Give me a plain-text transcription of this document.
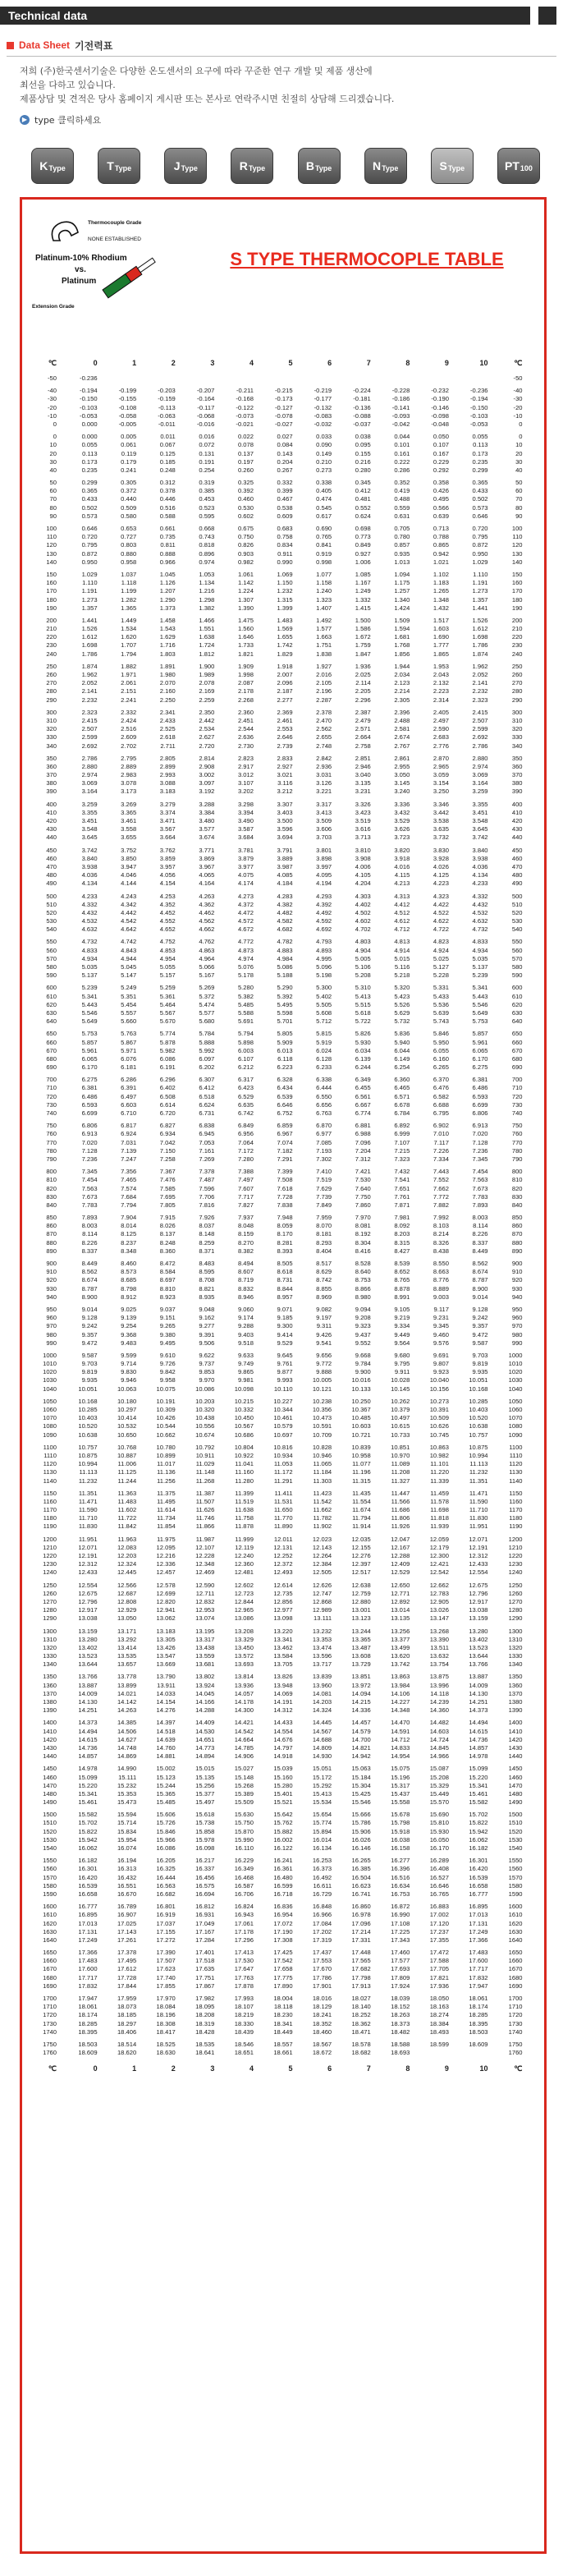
Technical data
Data Sheet 기전력표
저희 (주)한국센서기술은 다양한 온도센서의 요구에 따라 꾸준한 연구 개발 및 제품 생산에
최선을 다하고 있습니다.
제품상담 및 견적은 당사 홈페이지 게시판 또는 본사로 연락주시면 친절히 상담해 드리겠습니다.
▶ type 클릭하세요
K Type	T Type	J Type	R Type	B Type	N Type	S Type	PT 100
Thermocouple Grade
NONE ESTABLISHED
Platinum-10% Rhodium
vs.
Platinum
Extension Grade
S TYPE THERMOCOPLE TABLE
℃	0	1	2	3	4	5	6	7	8	9	10	℃
-50	-0.236	-50
-40	-0.194	-0.199	-0.203	-0.207	-0.211	-0.215	-0.219	-0.224	-0.228	-0.232	-0.236	-40
-30	-0.150	-0.155	-0.159	-0.164	-0.168	-0.173	-0.177	-0.181	-0.186	-0.190	-0.194	-30
-20	-0.103	-0.108	-0.113	-0.117	-0.122	-0.127	-0.132	-0.136	-0.141	-0.146	-0.150	-20
-10	-0.053	-0.058	-0.063	-0.068	-0.073	-0.078	-0.083	-0.088	-0.093	-0.098	-0.103	-10
0	0.000	-0.005	-0.011	-0.016	-0.021	-0.027	-0.032	-0.037	-0.042	-0.048	-0.053	0
0	0.000	0.005	0.011	0.016	0.022	0.027	0.033	0.038	0.044	0.050	0.055	0
10	0.055	0.061	0.067	0.072	0.078	0.084	0.090	0.095	0.101	0.107	0.113	10
20	0.113	0.119	0.125	0.131	0.137	0.143	0.149	0.155	0.161	0.167	0.173	20
30	0.173	0.179	0.185	0.191	0.197	0.204	0.210	0.216	0.222	0.229	0.235	30
40	0.235	0.241	0.248	0.254	0.260	0.267	0.273	0.280	0.286	0.292	0.299	40
50	0.299	0.305	0.312	0.319	0.325	0.332	0.338	0.345	0.352	0.358	0.365	50
60	0.365	0.372	0.378	0.385	0.392	0.399	0.405	0.412	0.419	0.426	0.433	60
70	0.433	0.440	0.446	0.453	0.460	0.467	0.474	0.481	0.488	0.495	0.502	70
80	0.502	0.509	0.516	0.523	0.530	0.538	0.545	0.552	0.559	0.566	0.573	80
90	0.573	0.580	0.588	0.595	0.602	0.609	0.617	0.624	0.631	0.639	0.646	90
100	0.646	0.653	0.661	0.668	0.675	0.683	0.690	0.698	0.705	0.713	0.720	100
110	0.720	0.727	0.735	0.743	0.750	0.758	0.765	0.773	0.780	0.788	0.795	110
120	0.795	0.803	0.811	0.818	0.826	0.834	0.841	0.849	0.857	0.865	0.872	120
130	0.872	0.880	0.888	0.896	0.903	0.911	0.919	0.927	0.935	0.942	0.950	130
140	0.950	0.958	0.966	0.974	0.982	0.990	0.998	1.006	1.013	1.021	1.029	140
150	1.029	1.037	1.045	1.053	1.061	1.069	1.077	1.085	1.094	1.102	1.110	150
160	1.110	1.118	1.126	1.134	1.142	1.150	1.158	1.167	1.175	1.183	1.191	160
170	1.191	1.199	1.207	1.216	1.224	1.232	1.240	1.249	1.257	1.265	1.273	170
180	1.273	1.282	1.290	1.298	1.307	1.315	1.323	1.332	1.340	1.348	1.357	180
190	1.357	1.365	1.373	1.382	1.390	1.399	1.407	1.415	1.424	1.432	1.441	190
200	1.441	1.449	1.458	1.466	1.475	1.483	1.492	1.500	1.509	1.517	1.526	200
210	1.526	1.534	1.543	1.551	1.560	1.569	1.577	1.586	1.594	1.603	1.612	210
220	1.612	1.620	1.629	1.638	1.646	1.655	1.663	1.672	1.681	1.690	1.698	220
230	1.698	1.707	1.716	1.724	1.733	1.742	1.751	1.759	1.768	1.777	1.786	230
240	1.786	1.794	1.803	1.812	1.821	1.829	1.838	1.847	1.856	1.865	1.874	240
250	1.874	1.882	1.891	1.900	1.909	1.918	1.927	1.936	1.944	1.953	1.962	250
260	1.962	1.971	1.980	1.989	1.998	2.007	2.016	2.025	2.034	2.043	2.052	260
270	2.052	2.061	2.070	2.078	2.087	2.096	2.105	2.114	2.123	2.132	2.141	270
280	2.141	2.151	2.160	2.169	2.178	2.187	2.196	2.205	2.214	2.223	2.232	280
290	2.232	2.241	2.250	2.259	2.268	2.277	2.287	2.296	2.305	2.314	2.323	290
300	2.323	2.332	2.341	2.350	2.360	2.369	2.378	2.387	2.396	2.405	2.415	300
310	2.415	2.424	2.433	2.442	2.451	2.461	2.470	2.479	2.488	2.497	2.507	310
320	2.507	2.516	2.525	2.534	2.544	2.553	2.562	2.571	2.581	2.590	2.599	320
330	2.599	2.609	2.618	2.627	2.636	2.646	2.655	2.664	2.674	2.683	2.692	330
340	2.692	2.702	2.711	2.720	2.730	2.739	2.748	2.758	2.767	2.776	2.786	340
350	2.786	2.795	2.805	2.814	2.823	2.833	2.842	2.851	2.861	2.870	2.880	350
360	2.880	2.889	2.899	2.908	2.917	2.927	2.936	2.946	2.955	2.965	2.974	360
370	2.974	2.983	2.993	3.002	3.012	3.021	3.031	3.040	3.050	3.059	3.069	370
380	3.069	3.078	3.088	3.097	3.107	3.116	3.126	3.135	3.145	3.154	3.164	380
390	3.164	3.173	3.183	3.192	3.202	3.212	3.221	3.231	3.240	3.250	3.259	390
400	3.259	3.269	3.279	3.288	3.298	3.307	3.317	3.326	3.336	3.346	3.355	400
410	3.355	3.365	3.374	3.384	3.394	3.403	3.413	3.423	3.432	3.442	3.451	410
420	3.451	3.461	3.471	3.480	3.490	3.500	3.509	3.519	3.529	3.538	3.548	420
430	3.548	3.558	3.567	3.577	3.587	3.596	3.606	3.616	3.626	3.635	3.645	430
440	3.645	3.655	3.664	3.674	3.684	3.694	3.703	3.713	3.723	3.732	3.742	440
450	3.742	3.752	3.762	3.771	3.781	3.791	3.801	3.810	3.820	3.830	3.840	450
460	3.840	3.850	3.859	3.869	3.879	3.889	3.898	3.908	3.918	3.928	3.938	460
470	3.938	3.947	3.957	3.967	3.977	3.987	3.997	4.006	4.016	4.026	4.036	470
480	4.036	4.046	4.056	4.065	4.075	4.085	4.095	4.105	4.115	4.125	4.134	480
490	4.134	4.144	4.154	4.164	4.174	4.184	4.194	4.204	4.213	4.223	4.233	490
500	4.233	4.243	4.253	4.263	4.273	4.283	4.293	4.303	4.313	4.323	4.332	500
510	4.332	4.342	4.352	4.362	4.372	4.382	4.392	4.402	4.412	4.422	4.432	510
520	4.432	4.442	4.452	4.462	4.472	4.482	4.492	4.502	4.512	4.522	4.532	520
530	4.532	4.542	4.552	4.562	4.572	4.582	4.592	4.602	4.612	4.622	4.632	530
540	4.632	4.642	4.652	4.662	4.672	4.682	4.692	4.702	4.712	4.722	4.732	540
550	4.732	4.742	4.752	4.762	4.772	4.782	4.793	4.803	4.813	4.823	4.833	550
560	4.833	4.843	4.853	4.863	4.873	4.883	4.893	4.904	4.914	4.924	4.934	560
570	4.934	4.944	4.954	4.964	4.974	4.984	4.995	5.005	5.015	5.025	5.035	570
580	5.035	5.045	5.055	5.066	5.076	5.086	5.096	5.106	5.116	5.127	5.137	580
590	5.137	5.147	5.157	5.167	5.178	5.188	5.198	5.208	5.218	5.228	5.239	590
600	5.239	5.249	5.259	5.269	5.280	5.290	5.300	5.310	5.320	5.331	5.341	600
610	5.341	5.351	5.361	5.372	5.382	5.392	5.402	5.413	5.423	5.433	5.443	610
620	5.443	5.454	5.464	5.474	5.485	5.495	5.505	5.515	5.526	5.536	5.546	620
630	5.546	5.557	5.567	5.577	5.588	5.598	5.608	5.618	5.629	5.639	5.649	630
640	5.649	5.660	5.670	5.680	5.691	5.701	5.712	5.722	5.732	5.743	5.753	640
650	5.753	5.763	5.774	5.784	5.794	5.805	5.815	5.826	5.836	5.846	5.857	650
660	5.857	5.867	5.878	5.888	5.898	5.909	5.919	5.930	5.940	5.950	5.961	660
670	5.961	5.971	5.982	5.992	6.003	6.013	6.024	6.034	6.044	6.055	6.065	670
680	6.065	6.076	6.086	6.097	6.107	6.118	6.128	6.139	6.149	6.160	6.170	680
690	6.170	6.181	6.191	6.202	6.212	6.223	6.233	6.244	6.254	6.265	6.275	690
700	6.275	6.286	6.296	6.307	6.317	6.328	6.338	6.349	6.360	6.370	6.381	700
710	6.381	6.391	6.402	6.412	6.423	6.434	6.444	6.455	6.465	6.476	6.486	710
720	6.486	6.497	6.508	6.518	6.529	6.539	6.550	6.561	6.571	6.582	6.593	720
730	6.593	6.603	6.614	6.624	6.635	6.646	6.656	6.667	6.678	6.688	6.699	730
740	6.699	6.710	6.720	6.731	6.742	6.752	6.763	6.774	6.784	6.795	6.806	740
750	6.806	6.817	6.827	6.838	6.849	6.859	6.870	6.881	6.892	6.902	6.913	750
760	6.913	6.924	6.934	6.945	6.956	6.967	6.977	6.988	6.999	7.010	7.020	760
770	7.020	7.031	7.042	7.053	7.064	7.074	7.085	7.096	7.107	7.117	7.128	770
780	7.128	7.139	7.150	7.161	7.172	7.182	7.193	7.204	7.215	7.226	7.236	780
790	7.236	7.247	7.258	7.269	7.280	7.291	7.302	7.312	7.323	7.334	7.345	790
800	7.345	7.356	7.367	7.378	7.388	7.399	7.410	7.421	7.432	7.443	7.454	800
810	7.454	7.465	7.476	7.487	7.497	7.508	7.519	7.530	7.541	7.552	7.563	810
820	7.563	7.574	7.585	7.596	7.607	7.618	7.629	7.640	7.651	7.662	7.673	820
830	7.673	7.684	7.695	7.706	7.717	7.728	7.739	7.750	7.761	7.772	7.783	830
840	7.783	7.794	7.805	7.816	7.827	7.838	7.849	7.860	7.871	7.882	7.893	840
850	7.893	7.904	7.915	7.926	7.937	7.948	7.959	7.970	7.981	7.992	8.003	850
860	8.003	8.014	8.026	8.037	8.048	8.059	8.070	8.081	8.092	8.103	8.114	860
870	8.114	8.125	8.137	8.148	8.159	8.170	8.181	8.192	8.203	8.214	8.226	870
880	8.226	8.237	8.248	8.259	8.270	8.281	8.293	8.304	8.315	8.326	8.337	880
890	8.337	8.348	8.360	8.371	8.382	8.393	8.404	8.416	8.427	8.438	8.449	890
900	8.449	8.460	8.472	8.483	8.494	8.505	8.517	8.528	8.539	8.550	8.562	900
910	8.562	8.573	8.584	8.595	8.607	8.618	8.629	8.640	8.652	8.663	8.674	910
920	8.674	8.685	8.697	8.708	8.719	8.731	8.742	8.753	8.765	8.776	8.787	920
930	8.787	8.798	8.810	8.821	8.832	8.844	8.855	8.866	8.878	8.889	8.900	930
940	8.900	8.912	8.923	8.935	8.946	8.957	8.969	8.980	8.991	9.003	9.014	940
950	9.014	9.025	9.037	9.048	9.060	9.071	9.082	9.094	9.105	9.117	9.128	950
960	9.128	9.139	9.151	9.162	9.174	9.185	9.197	9.208	9.219	9.231	9.242	960
970	9.242	9.254	9.265	9.277	9.288	9.300	9.311	9.323	9.334	9.345	9.357	970
980	9.357	9.368	9.380	9.391	9.403	9.414	9.426	9.437	9.449	9.460	9.472	980
990	9.472	9.483	9.495	9.506	9.518	9.529	9.541	9.552	9.564	9.576	9.587	990
1000	9.587	9.599	9.610	9.622	9.633	9.645	9.656	9.668	9.680	9.691	9.703	1000
1010	9.703	9.714	9.726	9.737	9.749	9.761	9.772	9.784	9.795	9.807	9.819	1010
1020	9.819	9.830	9.842	9.853	9.865	9.877	9.888	9.900	9.911	9.923	9.935	1020
1030	9.935	9.946	9.958	9.970	9.981	9.993	10.005	10.016	10.028	10.040	10.051	1030
1040	10.051	10.063	10.075	10.086	10.098	10.110	10.121	10.133	10.145	10.156	10.168	1040
1050	10.168	10.180	10.191	10.203	10.215	10.227	10.238	10.250	10.262	10.273	10.285	1050
1060	10.285	10.297	10.309	10.320	10.332	10.344	10.356	10.367	10.379	10.391	10.403	1060
1070	10.403	10.414	10.426	10.438	10.450	10.461	10.473	10.485	10.497	10.509	10.520	1070
1080	10.520	10.532	10.544	10.556	10.567	10.579	10.591	10.603	10.615	10.626	10.638	1080
1090	10.638	10.650	10.662	10.674	10.686	10.697	10.709	10.721	10.733	10.745	10.757	1090
1100	10.757	10.768	10.780	10.792	10.804	10.816	10.828	10.839	10.851	10.863	10.875	1100
1110	10.875	10.887	10.899	10.911	10.922	10.934	10.946	10.958	10.970	10.982	10.994	1110
1120	10.994	11.006	11.017	11.029	11.041	11.053	11.065	11.077	11.089	11.101	11.113	1120
1130	11.113	11.125	11.136	11.148	11.160	11.172	11.184	11.196	11.208	11.220	11.232	1130
1140	11.232	11.244	11.256	11.268	11.280	11.291	11.303	11.315	11.327	11.339	11.351	1140
1150	11.351	11.363	11.375	11.387	11.399	11.411	11.423	11.435	11.447	11.459	11.471	1150
1160	11.471	11.483	11.495	11.507	11.519	11.531	11.542	11.554	11.566	11.578	11.590	1160
1170	11.590	11.602	11.614	11.626	11.638	11.650	11.662	11.674	11.686	11.698	11.710	1170
1180	11.710	11.722	11.734	11.746	11.758	11.770	11.782	11.794	11.806	11.818	11.830	1180
1190	11.830	11.842	11.854	11.866	11.878	11.890	11.902	11.914	11.926	11.939	11.951	1190
1200	11.951	11.963	11.975	11.987	11.999	12.011	12.023	12.035	12.047	12.059	12.071	1200
1210	12.071	12.083	12.095	12.107	12.119	12.131	12.143	12.155	12.167	12.179	12.191	1210
1220	12.191	12.203	12.216	12.228	12.240	12.252	12.264	12.276	12.288	12.300	12.312	1220
1230	12.312	12.324	12.336	12.348	12.360	12.372	12.384	12.397	12.409	12.421	12.433	1230
1240	12.433	12.445	12.457	12.469	12.481	12.493	12.505	12.517	12.529	12.542	12.554	1240
1250	12.554	12.566	12.578	12.590	12.602	12.614	12.626	12.638	12.650	12.662	12.675	1250
1260	12.675	12.687	12.699	12.711	12.723	12.735	12.747	12.759	12.771	12.783	12.796	1260
1270	12.796	12.808	12.820	12.832	12.844	12.856	12.868	12.880	12.892	12.905	12.917	1270
1280	12.917	12.929	12.941	12.953	12.965	12.977	12.989	13.001	13.014	13.026	13.038	1280
1290	13.038	13.050	13.062	13.074	13.086	13.098	13.111	13.123	13.135	13.147	13.159	1290
1300	13.159	13.171	13.183	13.195	13.208	13.220	13.232	13.244	13.256	13.268	13.280	1300
1310	13.280	13.292	13.305	13.317	13.329	13.341	13.353	13.365	13.377	13.390	13.402	1310
1320	13.402	13.414	13.426	13.438	13.450	13.462	13.474	13.487	13.499	13.511	13.523	1320
1330	13.523	13.535	13.547	13.559	13.572	13.584	13.596	13.608	13.620	13.632	13.644	1330
1340	13.644	13.657	13.669	13.681	13.693	13.705	13.717	13.729	13.742	13.754	13.766	1340
1350	13.766	13.778	13.790	13.802	13.814	13.826	13.839	13.851	13.863	13.875	13.887	1350
1360	13.887	13.899	13.911	13.924	13.936	13.948	13.960	13.972	13.984	13.996	14.009	1360
1370	14.009	14.021	14.033	14.045	14.057	14.069	14.081	14.094	14.106	14.118	14.130	1370
1380	14.130	14.142	14.154	14.166	14.178	14.191	14.203	14.215	14.227	14.239	14.251	1380
1390	14.251	14.263	14.276	14.288	14.300	14.312	14.324	14.336	14.348	14.360	14.373	1390
1400	14.373	14.385	14.397	14.409	14.421	14.433	14.445	14.457	14.470	14.482	14.494	1400
1410	14.494	14.506	14.518	14.530	14.542	14.554	14.567	14.579	14.591	14.603	14.615	1410
1420	14.615	14.627	14.639	14.651	14.664	14.676	14.688	14.700	14.712	14.724	14.736	1420
1430	14.736	14.748	14.760	14.773	14.785	14.797	14.809	14.821	14.833	14.845	14.857	1430
1440	14.857	14.869	14.881	14.894	14.906	14.918	14.930	14.942	14.954	14.966	14.978	1440
1450	14.978	14.990	15.002	15.015	15.027	15.039	15.051	15.063	15.075	15.087	15.099	1450
1460	15.099	15.111	15.123	15.135	15.148	15.160	15.172	15.184	15.196	15.208	15.220	1460
1470	15.220	15.232	15.244	15.256	15.268	15.280	15.292	15.304	15.317	15.329	15.341	1470
1480	15.341	15.353	15.365	15.377	15.389	15.401	15.413	15.425	15.437	15.449	15.461	1480
1490	15.461	15.473	15.485	15.497	15.509	15.521	15.534	15.546	15.558	15.570	15.582	1490
1500	15.582	15.594	15.606	15.618	15.630	15.642	15.654	15.666	15.678	15.690	15.702	1500
1510	15.702	15.714	15.726	15.738	15.750	15.762	15.774	15.786	15.798	15.810	15.822	1510
1520	15.822	15.834	15.846	15.858	15.870	15.882	15.894	15.906	15.918	15.930	15.942	1520
1530	15.942	15.954	15.966	15.978	15.990	16.002	16.014	16.026	16.038	16.050	16.062	1530
1540	16.062	16.074	16.086	16.098	16.110	16.122	16.134	16.146	16.158	16.170	16.182	1540
1550	16.182	16.194	16.205	16.217	16.229	16.241	16.253	16.265	16.277	16.289	16.301	1550
1560	16.301	16.313	16.325	16.337	16.349	16.361	16.373	16.385	16.396	16.408	16.420	1560
1570	16.420	16.432	16.444	16.456	16.468	16.480	16.492	16.504	16.516	16.527	16.539	1570
1580	16.539	16.551	16.563	16.575	16.587	16.599	16.611	16.623	16.634	16.646	16.658	1580
1590	16.658	16.670	16.682	16.694	16.706	16.718	16.729	16.741	16.753	16.765	16.777	1590
1600	16.777	16.789	16.801	16.812	16.824	16.836	16.848	16.860	16.872	16.883	16.895	1600
1610	16.895	16.907	16.919	16.931	16.943	16.954	16.966	16.978	16.990	17.002	17.013	1610
1620	17.013	17.025	17.037	17.049	17.061	17.072	17.084	17.096	17.108	17.120	17.131	1620
1630	17.131	17.143	17.155	17.167	17.178	17.190	17.202	17.214	17.225	17.237	17.249	1630
1640	17.249	17.261	17.272	17.284	17.296	17.308	17.319	17.331	17.343	17.355	17.366	1640
1650	17.366	17.378	17.390	17.401	17.413	17.425	17.437	17.448	17.460	17.472	17.483	1650
1660	17.483	17.495	17.507	17.518	17.530	17.542	17.553	17.565	17.577	17.588	17.600	1660
1670	17.600	17.612	17.623	17.635	17.647	17.658	17.670	17.682	17.693	17.705	17.717	1670
1680	17.717	17.728	17.740	17.751	17.763	17.775	17.786	17.798	17.809	17.821	17.832	1680
1690	17.832	17.844	17.855	17.867	17.878	17.890	17.901	17.913	17.924	17.936	17.947	1690
1700	17.947	17.959	17.970	17.982	17.993	18.004	18.016	18.027	18.039	18.050	18.061	1700
1710	18.061	18.073	18.084	18.095	18.107	18.118	18.129	18.140	18.152	18.163	18.174	1710
1720	18.174	18.185	18.196	18.208	18.219	18.230	18.241	18.252	18.263	18.274	18.285	1720
1730	18.285	18.297	18.308	18.319	18.330	18.341	18.352	18.362	18.373	18.384	18.395	1730
1740	18.395	18.406	18.417	18.428	18.439	18.449	18.460	18.471	18.482	18.493	18.503	1740
1750	18.503	18.514	18.525	18.535	18.546	18.557	18.567	18.578	18.588	18.599	18.609	1750
1760	18.609	18.620	18.630	18.641	18.651	18.661	18.672	18.682	18.693	1760
℃	0	1	2	3	4	5	6	7	8	9	10	℃
